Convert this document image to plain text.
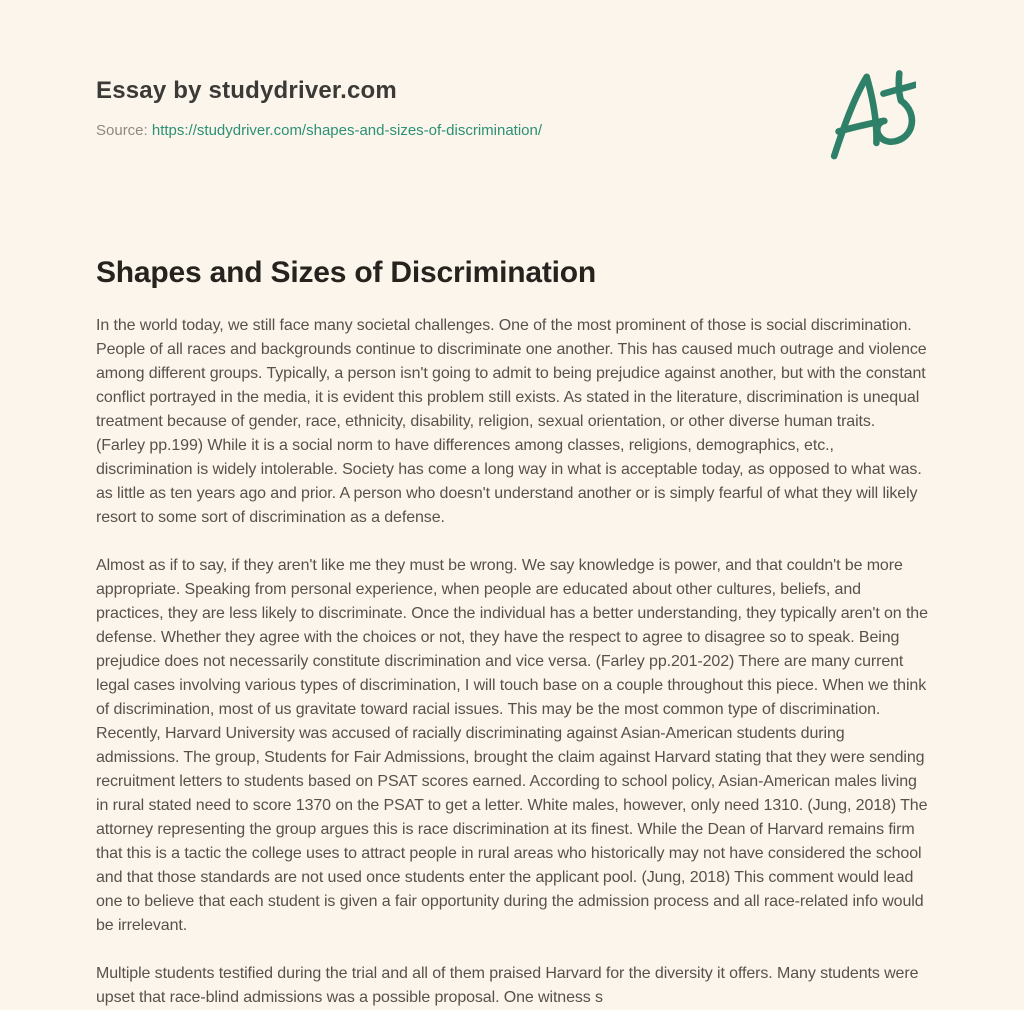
Essay by studydriver.com
Source: https://studydriver.com/shapes-and-sizes-of-discrimination/
Shapes and Sizes of Discrimination

In the world today, we still face many societal challenges. One of the most prominent of those is social discrimination. People of all races and backgrounds continue to discriminate one another. This has caused much outrage and violence among different groups. Typically, a person isn't going to admit to being prejudice against another, but with the constant conflict portrayed in the media, it is evident this problem still exists. As stated in the literature, discrimination is unequal treatment because of gender, race, ethnicity, disability, religion, sexual orientation, or other diverse human traits. (Farley pp.199) While it is a social norm to have differences among classes, religions, demographics, etc., discrimination is widely intolerable. Society has come a long way in what is acceptable today, as opposed to what was. as little as ten years ago and prior. A person who doesn't understand another or is simply fearful of what they will likely resort to some sort of discrimination as a defense.

Almost as if to say, if they aren't like me they must be wrong. We say knowledge is power, and that couldn't be more appropriate. Speaking from personal experience, when people are educated about other cultures, beliefs, and practices, they are less likely to discriminate. Once the individual has a better understanding, they typically aren't on the defense. Whether they agree with the choices or not, they have the respect to agree to disagree so to speak. Being prejudice does not necessarily constitute discrimination and vice versa. (Farley pp.201-202) There are many current legal cases involving various types of discrimination, I will touch base on a couple throughout this piece. When we think of discrimination, most of us gravitate toward racial issues. This may be the most common type of discrimination. Recently, Harvard University was accused of racially discriminating against Asian-American students during admissions. The group, Students for Fair Admissions, brought the claim against Harvard stating that they were sending recruitment letters to students based on PSAT scores earned. According to school policy, Asian-American males living in rural stated need to score 1370 on the PSAT to get a letter. White males, however, only need 1310. (Jung, 2018) The attorney representing the group argues this is race discrimination at its finest. While the Dean of Harvard remains firm that this is a tactic the college uses to attract people in rural areas who historically may not have considered the school and that those standards are not used once students enter the applicant pool. (Jung, 2018) This comment would lead one to believe that each student is given a fair opportunity during the admission process and all race-related info would be irrelevant.

Multiple students testified during the trial and all of them praised Harvard for the diversity it offers. Many students were upset that race-blind admissions was a possible proposal. One witness s
